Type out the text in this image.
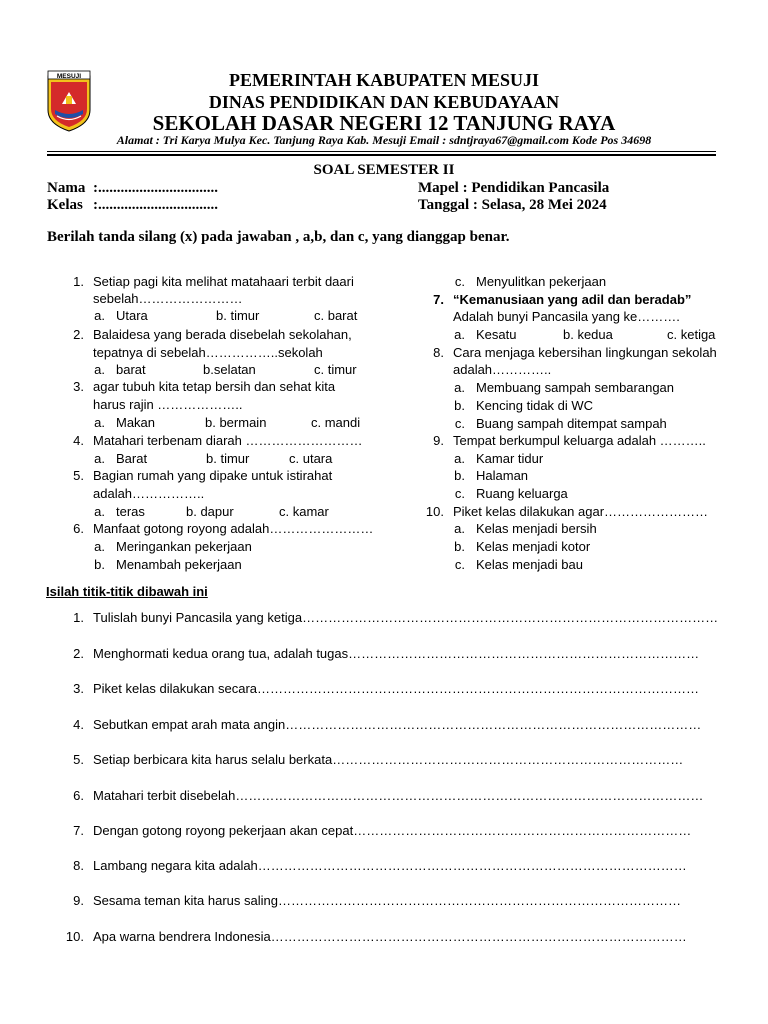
MESUJI	PEMERINTAH KABUPATEN MESUJI
DINAS PENDIDIKAN DAN KEBUDAYAAN
SEKOLAH DASAR NEGERI 12 TANJUNG RAYA
Alamat : Tri Karya Mulya Kec. Tanjung Raya Kab. Mesuji Email : sdntjraya67@gmail.com Kode Pos 34698
SOAL SEMESTER II
Nama :................................
Kelas :................................
Mapel : Pendidikan Pancasila
Tanggal : Selasa, 28 Mei 2024
Berilah tanda silang (x) pada jawaban , a,b, dan c, yang dianggap benar.
1. Setiap pagi kita melihat matahaari terbit daari
sebelah……………………
a. Utara	b. timur	c. barat
2. Balaidesa yang berada disebelah sekolahan,
tepatnya di sebelah……………..sekolah
a. barat	b.selatan	c. timur
3. agar tubuh kita tetap bersih dan sehat kita
harus rajin ………………..
a. Makan	b. bermain	c. mandi
4. Matahari terbenam diarah ………………………
a. Barat	b. timur	c. utara
5. Bagian rumah yang dipake untuk istirahat
adalah……………..
a. teras	b. dapur	c. kamar
6. Manfaat gotong royong adalah……………………
a. Meringankan pekerjaan
b. Menambah pekerjaan
c. Menyulitkan pekerjaan
7. “Kemanusiaan yang adil dan beradab”
Adalah bunyi Pancasila yang ke……….
a. Kesatu	b. kedua	c. ketiga
8. Cara menjaga kebersihan lingkungan sekolah
adalah…………..
a. Membuang sampah sembarangan
b. Kencing tidak di WC
c. Buang sampah ditempat sampah
9. Tempat berkumpul keluarga adalah ………..
a. Kamar tidur
b. Halaman
c. Ruang keluarga
10. Piket kelas dilakukan agar……………………
a. Kelas menjadi bersih
b. Kelas menjadi kotor
c. Kelas menjadi bau
Isilah titik-titik dibawah ini
1. Tulislah bunyi Pancasila yang ketiga……………………………………………………………………………………
2. Menghormati kedua orang tua, adalah tugas………………………………………………………………………
3. Piket kelas dilakukan secara…………………………………………………………………………………………
4. Sebutkan empat arah mata angin……………………………………………………………………………………
5. Setiap berbicara kita harus selalu berkata………………………………………………………………………
6. Matahari terbit disebelah………………………………………………………………………………………………
7. Dengan gotong royong pekerjaan akan cepat……………………………………………………………………
8. Lambang negara kita adalah………………………………………………………………………………………
9. Sesama teman kita harus saling…………………………………………………………………………………
10. Apa warna bendrera Indonesia……………………………………………………………………………………
